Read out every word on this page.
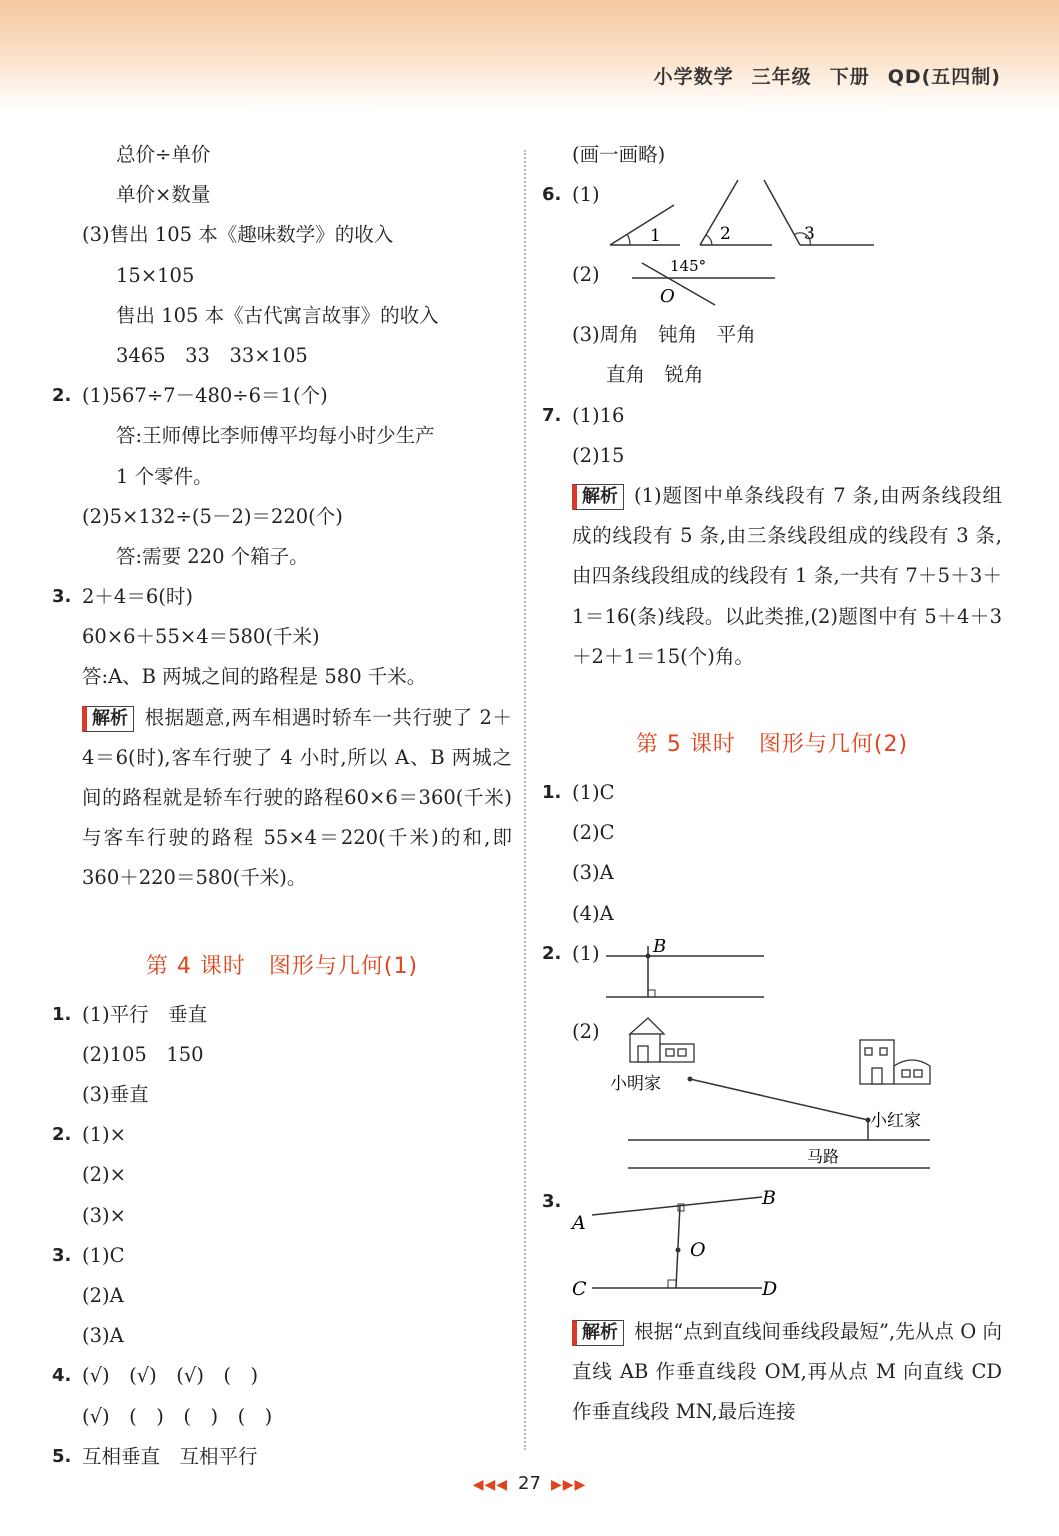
小学数学 三年级 下册 QD(五四制)
总价÷单价
单价×数量
(3)售出 105 本《趣味数学》的收入
15×105
售出 105 本《古代寓言故事》的收入
3465　33　33×105
2. (1)567÷7－480÷6＝1(个)
答:王师傅比李师傅平均每小时少生产
1 个零件。
(2)5×132÷(5－2)＝220(个)
答:需要 220 个箱子。
3. 2＋4＝6(时)
60×6＋55×4＝580(千米)
答:A、B 两城之间的路程是 580 千米。
解析 根据题意,两车相遇时轿车一共行驶了 2＋4＝6(时),客车行驶了 4 小时,所以 A、B 两城之间的路程就是轿车行驶的路程60×6＝360(千米)与客车行驶的路程 55×4＝220(千米)的和,即 360＋220＝580(千米)。
第 4 课时　图形与几何(1)
1. (1)平行　垂直
(2)105　150
(3)垂直
2. (1)×
(2)×
(3)×
3. (1)C
(2)A
(3)A
4. (√)　(√)　(√)　(　)
(√)　(　)　(　)　(　)
5. 互相垂直　互相平行
(画一画略)
6. (1)
1	2	3
(2)	145°
O
(3)周角　钝角　平角
直角　锐角
7. (1)16
(2)15
解析 (1)题图中单条线段有 7 条,由两条线段组成的线段有 5 条,由三条线段组成的线段有 3 条,由四条线段组成的线段有 1 条,一共有 7＋5＋3＋1＝16(条)线段。以此类推,(2)题图中有 5＋4＋3＋2＋1＝15(个)角。
第 5 课时　图形与几何(2)
1. (1)C
(2)C
(3)A
(4)A
2. (1)	B
(2)
小明家
小红家
马路
3.
A
B
C	D
O
解析 根据“点到直线间垂线段最短”,先从点 O 向直线 AB 作垂直线段 OM,再从点 M 向直线 CD 作垂直线段 MN,最后连接
◀◀◀ 27 ▶▶▶
